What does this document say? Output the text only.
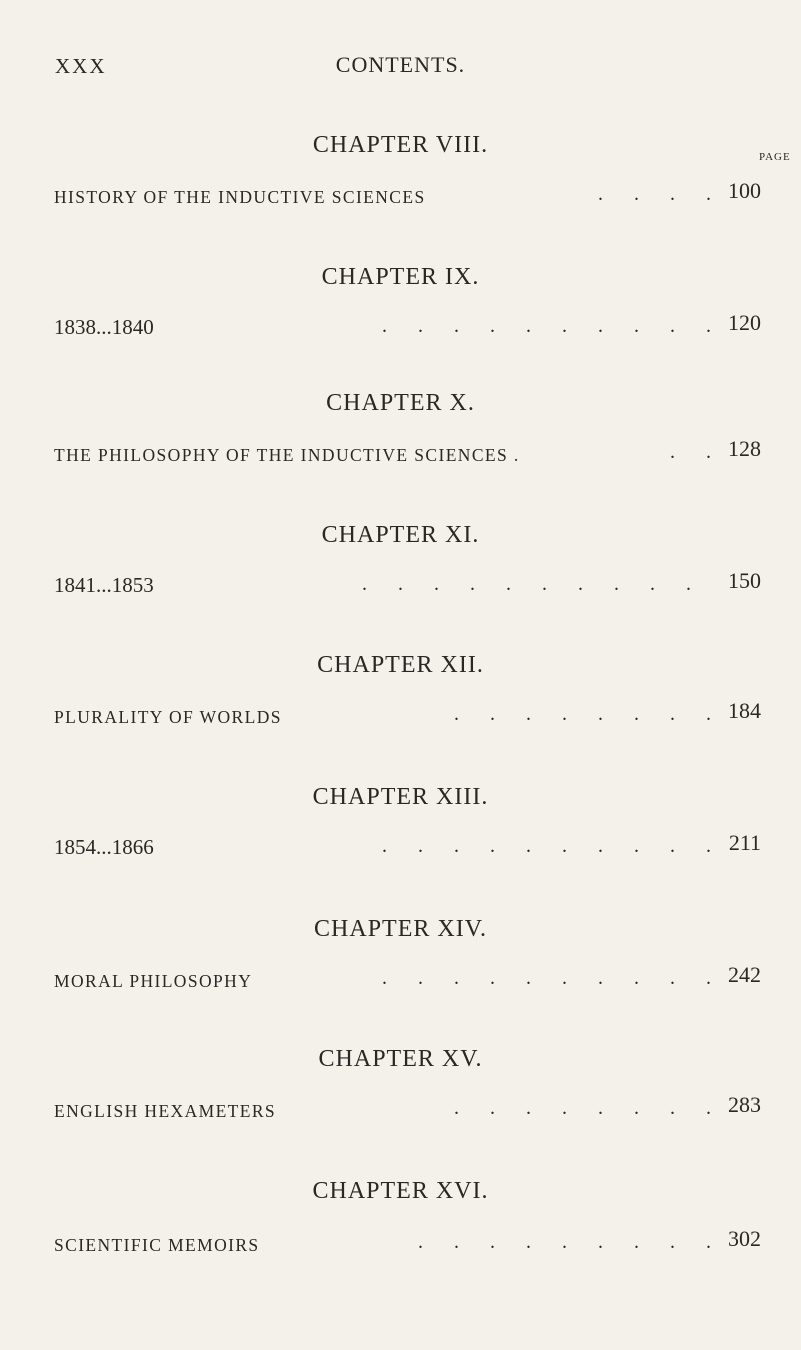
XXX	CONTENTS.
PAGE
CHAPTER VIII.
HISTORY OF THE INDUCTIVE SCIENCES	. . . . 100
CHAPTER IX.
1838...1840	. . . . . . . . . . 120
CHAPTER X.
THE PHILOSOPHY OF THE INDUCTIVE SCIENCES .	. . 128
CHAPTER XI.
1841...1853	. . . . . . . . . .	150
CHAPTER XII.
PLURALITY OF WORLDS	. . . . . . . . 184
CHAPTER XIII.
1854...1866	. . . . . . . . . . 211
CHAPTER XIV.
MORAL PHILOSOPHY	. . . . . . . . . . 242
CHAPTER XV.
ENGLISH HEXAMETERS	. . . . . . . . 283
CHAPTER XVI.
SCIENTIFIC MEMOIRS	. . . . . . . . . 302
